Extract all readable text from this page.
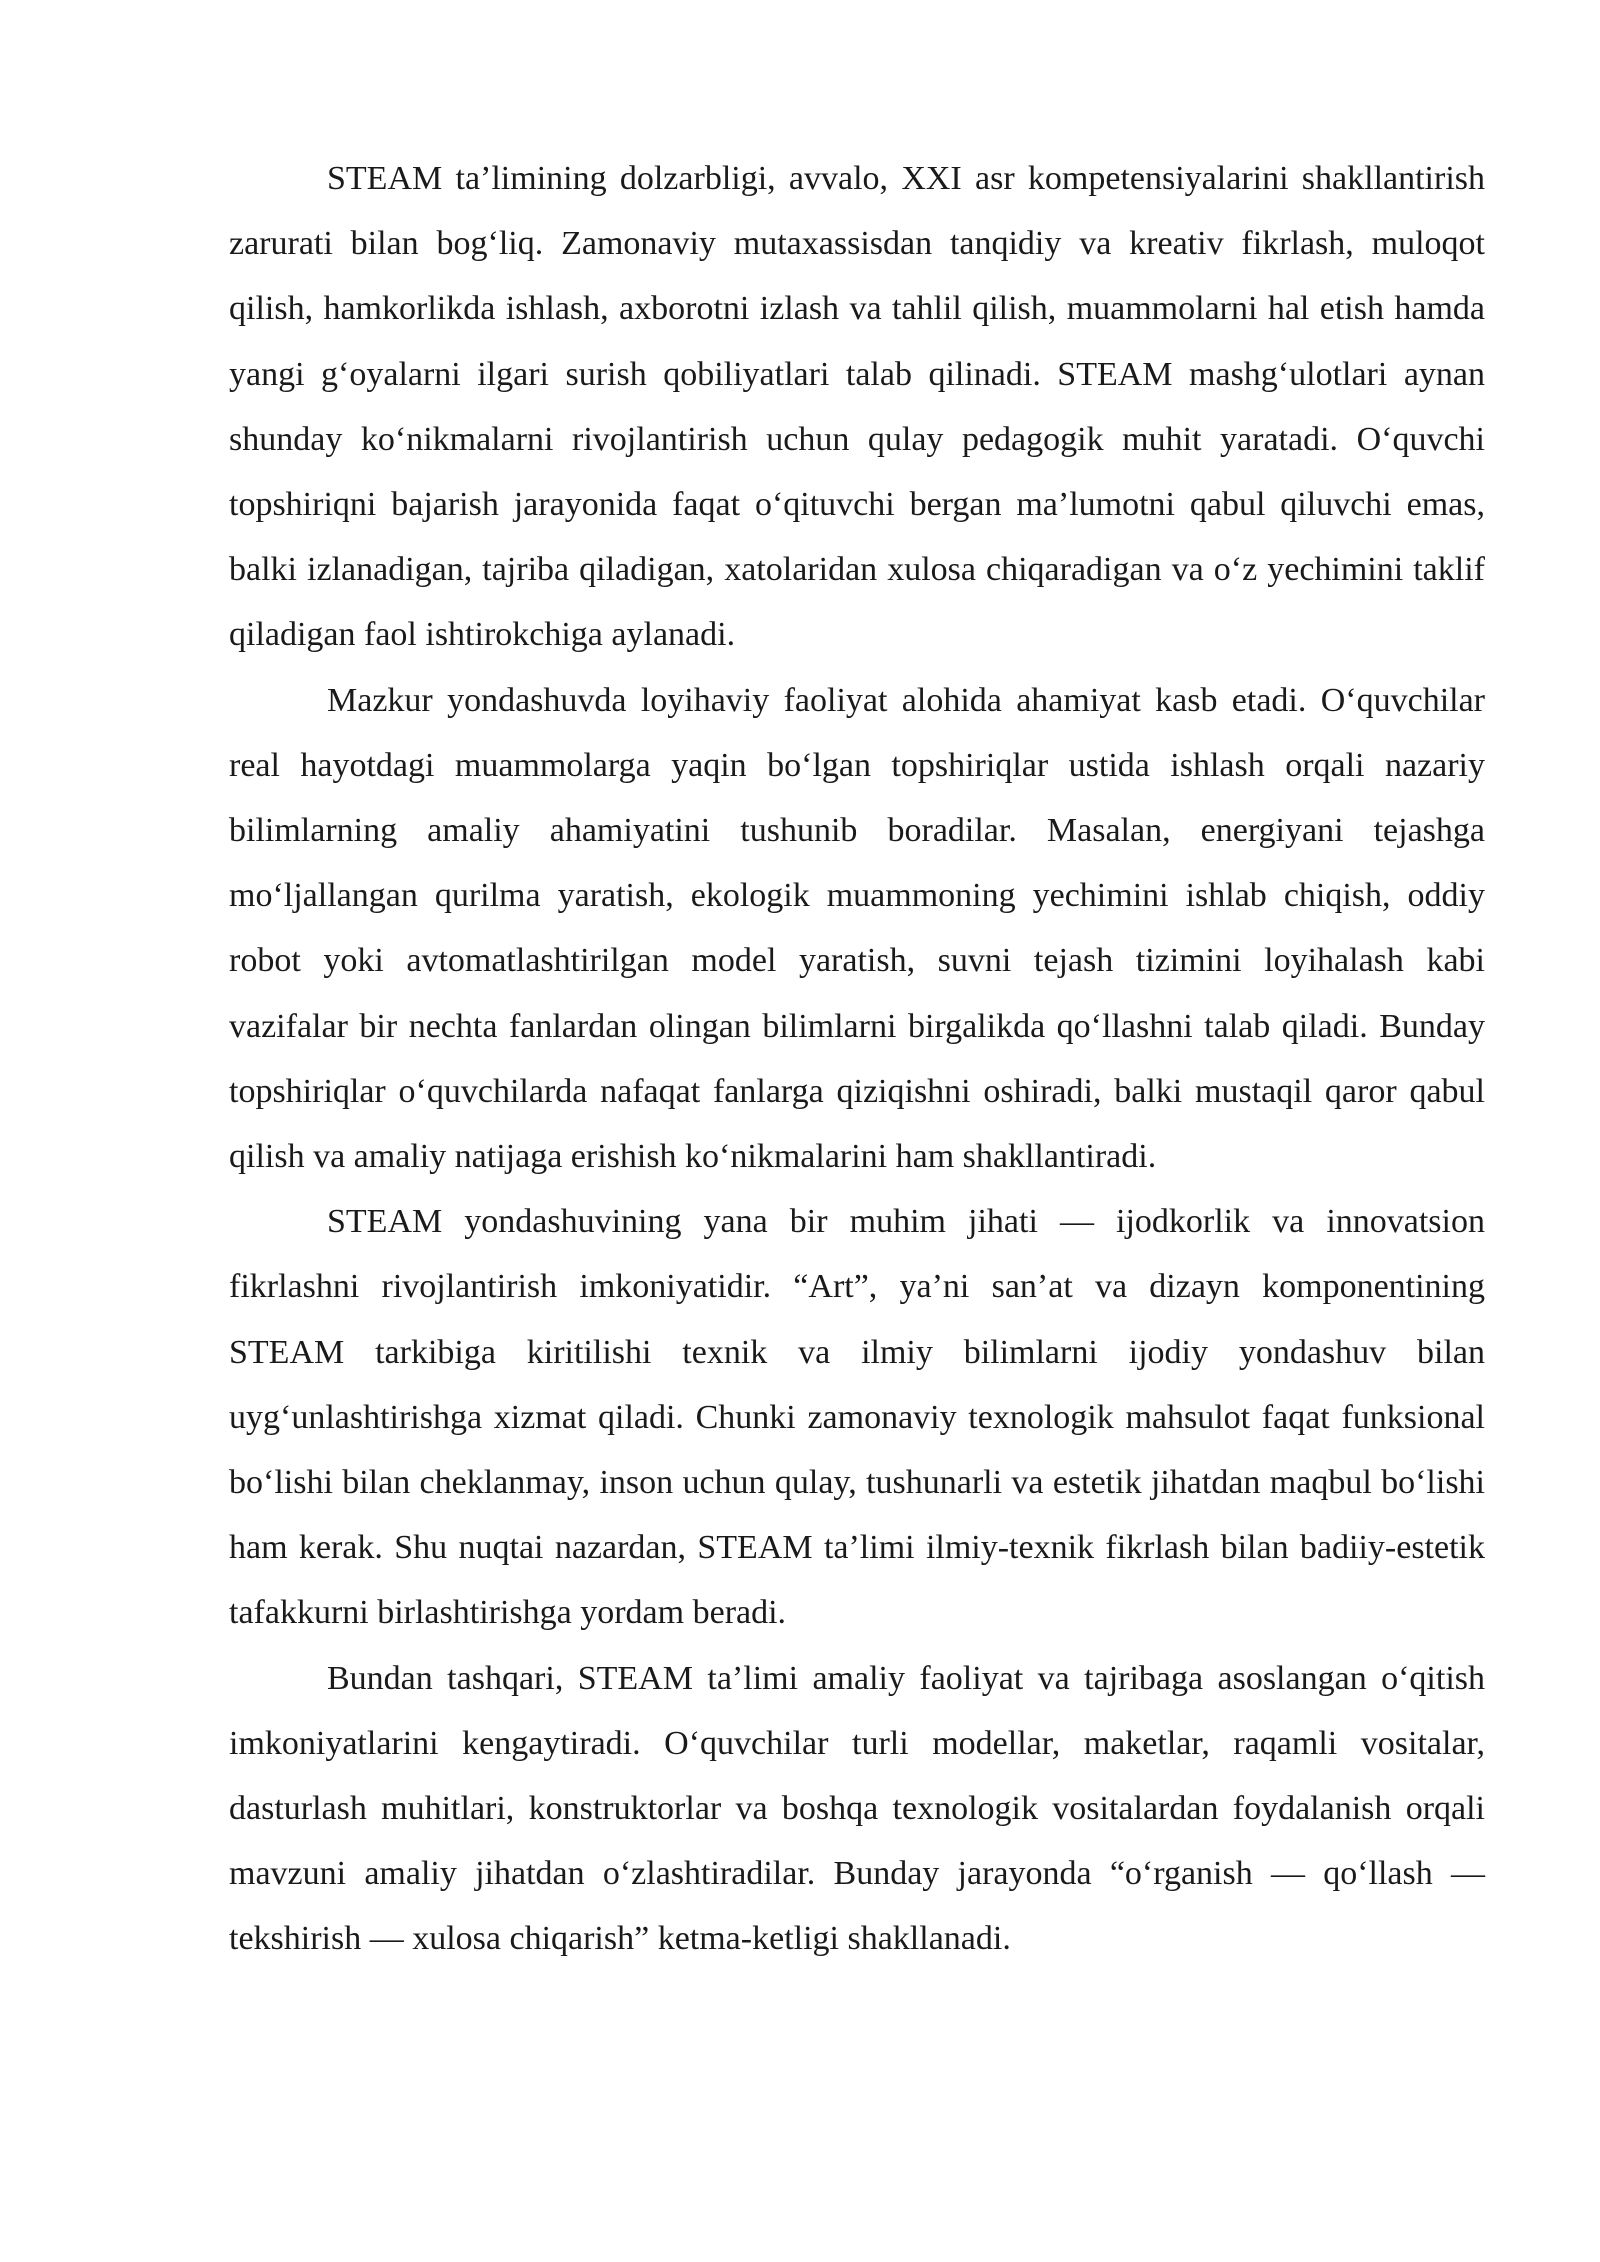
STEAM ta’limining dolzarbligi, avvalo, XXI asr kompetensiyalarini shakllantirish zarurati bilan bog‘liq. Zamonaviy mutaxassisdan tanqidiy va kreativ fikrlash, muloqot qilish, hamkorlikda ishlash, axborotni izlash va tahlil qilish, muammolarni hal etish hamda yangi g‘oyalarni ilgari surish qobiliyatlari talab qilinadi. STEAM mashg‘ulotlari aynan shunday ko‘nikmalarni rivojlantirish uchun qulay pedagogik muhit yaratadi. O‘quvchi topshiriqni bajarish jarayonida faqat o‘qituvchi bergan ma’lumotni qabul qiluvchi emas, balki izlanadigan, tajriba qiladigan, xatolaridan xulosa chiqaradigan va o‘z yechimini taklif qiladigan faol ishtirokchiga aylanadi.

Mazkur yondashuvda loyihaviy faoliyat alohida ahamiyat kasb etadi. O‘quvchilar real hayotdagi muammolarga yaqin bo‘lgan topshiriqlar ustida ishlash orqali nazariy bilimlarning amaliy ahamiyatini tushunib boradilar. Masalan, energiyani tejashga mo‘ljallangan qurilma yaratish, ekologik muammoning yechimini ishlab chiqish, oddiy robot yoki avtomatlashtirilgan model yaratish, suvni tejash tizimini loyihalash kabi vazifalar bir nechta fanlardan olingan bilimlarni birgalikda qo‘llashni talab qiladi. Bunday topshiriqlar o‘quvchilarda nafaqat fanlarga qiziqishni oshiradi, balki mustaqil qaror qabul qilish va amaliy natijaga erishish ko‘nikmalarini ham shakllantiradi.

STEAM yondashuvining yana bir muhim jihati — ijodkorlik va innovatsion fikrlashni rivojlantirish imkoniyatidir. “Art”, ya’ni san’at va dizayn komponentining STEAM tarkibiga kiritilishi texnik va ilmiy bilimlarni ijodiy yondashuv bilan uyg‘unlashtirishga xizmat qiladi. Chunki zamonaviy texnologik mahsulot faqat funksional bo‘lishi bilan cheklanmay, inson uchun qulay, tushunarli va estetik jihatdan maqbul bo‘lishi ham kerak. Shu nuqtai nazardan, STEAM ta’limi ilmiy-texnik fikrlash bilan badiiy-estetik tafakkurni birlashtirishga yordam beradi.

Bundan tashqari, STEAM ta’limi amaliy faoliyat va tajribaga asoslangan o‘qitish imkoniyatlarini kengaytiradi. O‘quvchilar turli modellar, maketlar, raqamli vositalar, dasturlash muhitlari, konstruktorlar va boshqa texnologik vositalardan foydalanish orqali mavzuni amaliy jihatdan o‘zlashtiradilar. Bunday jarayonda “o‘rganish — qo‘llash — tekshirish — xulosa chiqarish” ketma-ketligi shakllanadi.
